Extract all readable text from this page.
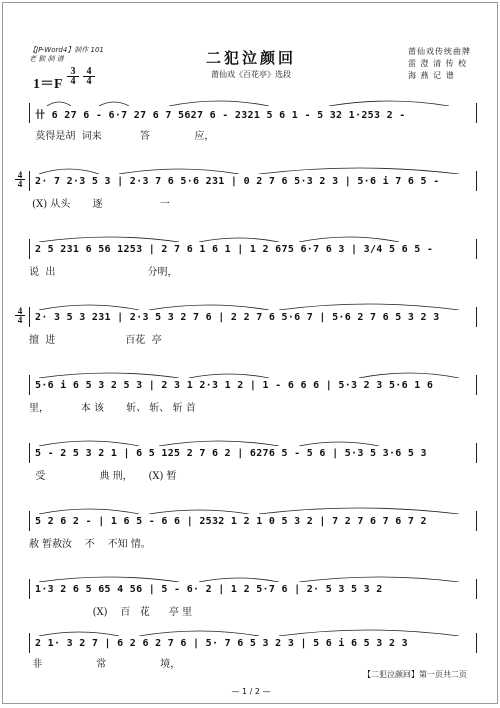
【JP-Word4】制作 101
老 猴 制 谱	二犯泣颜回
莆仙戏《百花亭》选段
莆仙戏传统曲牌
雷 澄 清 传 校
海 燕 记 谱
1＝F
3
4
4
4
卄 6 27 6 - 6·7 27 6 7 5627 6 - 2321 5 6 1 - 5 32 1·253 2 -
莫得是胡  词来            答              应，
4
4 2· 7 2·3 5 3 | 2·3 7 6 5·6 231 | 0 2 7 6 5·3 2 3 | 5·6 i 7 6 5 -
(X) 从头       逐                  一
2 5 231 6 56 1253 | 2 7 6 1 6 1 | 1 2 675 6·7 6 3 | 3/4 5 6 5 -
说  出                             分明，
4
4 2· 3 5 3 231 | 2·3 5 3 2 7 6 | 2 2 7 6 5·6 7 | 5·6 2 7 6 5 3 2 3
擅  进                      百花  亭
5·6 i 6 5 3 2 5 3 | 2 3 1 2·3 1 2 | 1 - 6 6 6 | 5·3 2 3 5·6 1 6
里，          本 该       斩、 斩、 斩 首
5 - 2 5 3 2 1 | 6 5 125 2 7 6 2 | 6276 5 - 5 6 | 5·3 5 3·6 5 3
受                 典 刑，     (X) 暂
5 2 6 2 - | 1 6 5 - 6 6 | 2532 1 2 1 0 5 3 2 | 7 2 7 6 7 6 7 2
赦 暂赦汝    不    不知 情。
1·3 2 6 5 65 4 56 | 5 - 6· 2 | 1 2 5·7 6 | 2· 5 3 5 3 2
(X)    百   花      亭 里
2 1· 3 2 7 | 6 2 6 2 7 6 | 5· 7 6 5 3 2 3 | 5 6 i 6 5 3 2 3
非                 常                 境，
【二犯泣颜回】第一页共二页
— 1 / 2 —
